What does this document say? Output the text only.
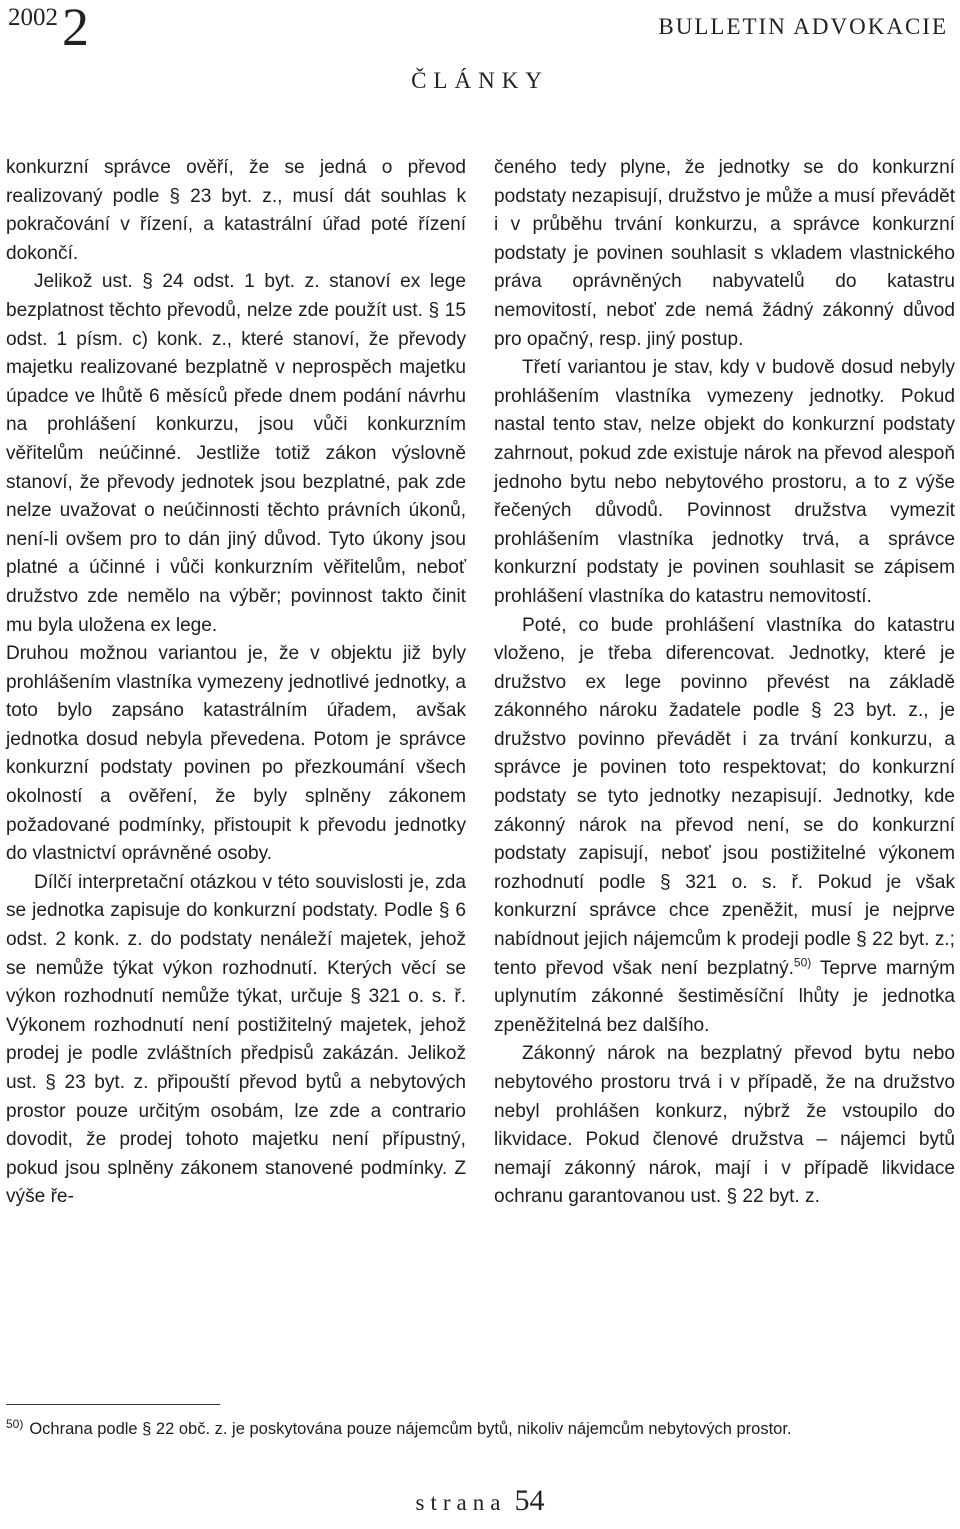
2002 2	BULLETIN ADVOKACIE
ČLÁNKY

konkurzní správce ověří, že se jedná o převod realizovaný podle § 23 byt. z., musí dát souhlas k pokračování v řízení, a katastrální úřad poté řízení dokončí.

Jelikož ust. § 24 odst. 1 byt. z. stanoví ex lege bezplatnost těchto převodů, nelze zde použít ust. § 15 odst. 1 písm. c) konk. z., které stanoví, že převody majetku realizované bezplatně v neprospěch majetku úpadce ve lhůtě 6 měsíců přede dnem podání návrhu na prohlášení konkurzu, jsou vůči konkurzním věřitelům neúčinné. Jestliže totiž zákon výslovně stanoví, že převody jednotek jsou bezplatné, pak zde nelze uvažovat o neúčinnosti těchto právních úkonů, není-li ovšem pro to dán jiný důvod. Tyto úkony jsou platné a účinné i vůči konkurzním věřitelům, neboť družstvo zde nemělo na výběr; povinnost takto činit mu byla uložena ex lege.

Druhou možnou variantou je, že v objektu již byly prohlášením vlastníka vymezeny jednotlivé jednotky, a toto bylo zapsáno katastrálním úřadem, avšak jednotka dosud nebyla převedena. Potom je správce konkurzní podstaty povinen po přezkoumání všech okolností a ověření, že byly splněny zákonem požadované podmínky, přistoupit k převodu jednotky do vlastnictví oprávněné osoby.

Dílčí interpretační otázkou v této souvislosti je, zda se jednotka zapisuje do konkurzní podstaty. Podle § 6 odst. 2 konk. z. do podstaty nenáleží majetek, jehož se nemůže týkat výkon rozhodnutí. Kterých věcí se výkon rozhodnutí nemůže týkat, určuje § 321 o. s. ř. Výkonem rozhodnutí není postižitelný majetek, jehož prodej je podle zvláštních předpisů zakázán. Jelikož ust. § 23 byt. z. připouští převod bytů a nebytových prostor pouze určitým osobám, lze zde a contrario dovodit, že prodej tohoto majetku není přípustný, pokud jsou splněny zákonem stanovené podmínky. Z výše ře-

čeného tedy plyne, že jednotky se do konkurzní podstaty nezapisují, družstvo je může a musí převádět i v průběhu trvání konkurzu, a správce konkurzní podstaty je povinen souhlasit s vkladem vlastnického práva oprávněných nabyvatelů do katastru nemovitostí, neboť zde nemá žádný zákonný důvod pro opačný, resp. jiný postup.

Třetí variantou je stav, kdy v budově dosud nebyly prohlášením vlastníka vymezeny jednotky. Pokud nastal tento stav, nelze objekt do konkurzní podstaty zahrnout, pokud zde existuje nárok na převod alespoň jednoho bytu nebo nebytového prostoru, a to z výše řečených důvodů. Povinnost družstva vymezit prohlášením vlastníka jednotky trvá, a správce konkurzní podstaty je povinen souhlasit se zápisem prohlášení vlastníka do katastru nemovitostí.

Poté, co bude prohlášení vlastníka do katastru vloženo, je třeba diferencovat. Jednotky, které je družstvo ex lege povinno převést na základě zákonného nároku žadatele podle § 23 byt. z., je družstvo povinno převádět i za trvání konkurzu, a správce je povinen toto respektovat; do konkurzní podstaty se tyto jednotky nezapisují. Jednotky, kde zákonný nárok na převod není, se do konkurzní podstaty zapisují, neboť jsou postižitelné výkonem rozhodnutí podle § 321 o. s. ř. Pokud je však konkurzní správce chce zpeněžit, musí je nejprve nabídnout jejich nájemcům k prodeji podle § 22 byt. z.; tento převod však není bezplatný.$^{50)}$ Teprve marným uplynutím zákonné šestiměsíční lhůty je jednotka zpeněžitelná bez dalšího.

Zákonný nárok na bezplatný převod bytu nebo nebytového prostoru trvá i v případě, že na družstvo nebyl prohlášen konkurz, nýbrž že vstoupilo do likvidace. Pokud členové družstva – nájemci bytů nemají zákonný nárok, mají i v případě likvidace ochranu garantovanou ust. § 22 byt. z.

$^{50)}$ Ochrana podle § 22 obč. z. je poskytována pouze nájemcům bytů, nikoliv nájemcům nebytových prostor.
strana 54
